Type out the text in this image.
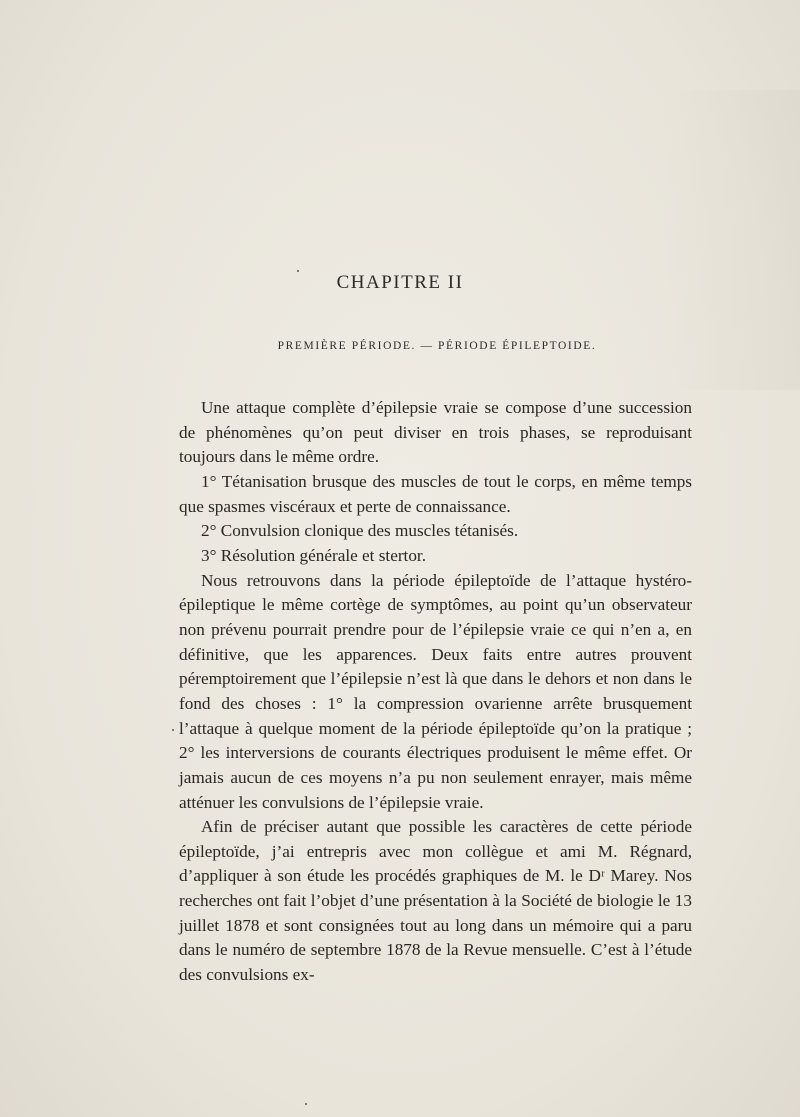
CHAPITRE II
PREMIÈRE PÉRIODE. — PÉRIODE ÉPILEPTOIDE.

Une attaque complète d’épilepsie vraie se compose d’une succession de phénomènes qu’on peut diviser en trois phases, se reproduisant toujours dans le même ordre.

1° Tétanisation brusque des muscles de tout le corps, en même temps que spasmes viscéraux et perte de connaissance.

2° Convulsion clonique des muscles tétanisés.

3° Résolution générale et stertor.

Nous retrouvons dans la période épileptoïde de l’attaque hystéro-épileptique le même cortège de symptômes, au point qu’un observateur non prévenu pourrait prendre pour de l’épilepsie vraie ce qui n’en a, en définitive, que les apparences. Deux faits entre autres prouvent péremptoirement que l’épilepsie n’est là que dans le dehors et non dans le fond des choses : 1° la compression ovarienne arrête brusquement l’attaque à quelque moment de la période épileptoïde qu’on la pratique ; 2° les interversions de courants électriques produisent le même effet. Or jamais aucun de ces moyens n’a pu non seulement enrayer, mais même atténuer les convulsions de l’épilepsie vraie.

Afin de préciser autant que possible les caractères de cette période épileptoïde, j’ai entrepris avec mon collègue et ami M. Régnard, d’appliquer à son étude les procédés graphiques de M. le Dʳ Marey. Nos recherches ont fait l’objet d’une présentation à la Société de biologie le 13 juillet 1878 et sont consignées tout au long dans un mémoire qui a paru dans le numéro de septembre 1878 de la Revue mensuelle. C’est à l’étude des convulsions ex-
